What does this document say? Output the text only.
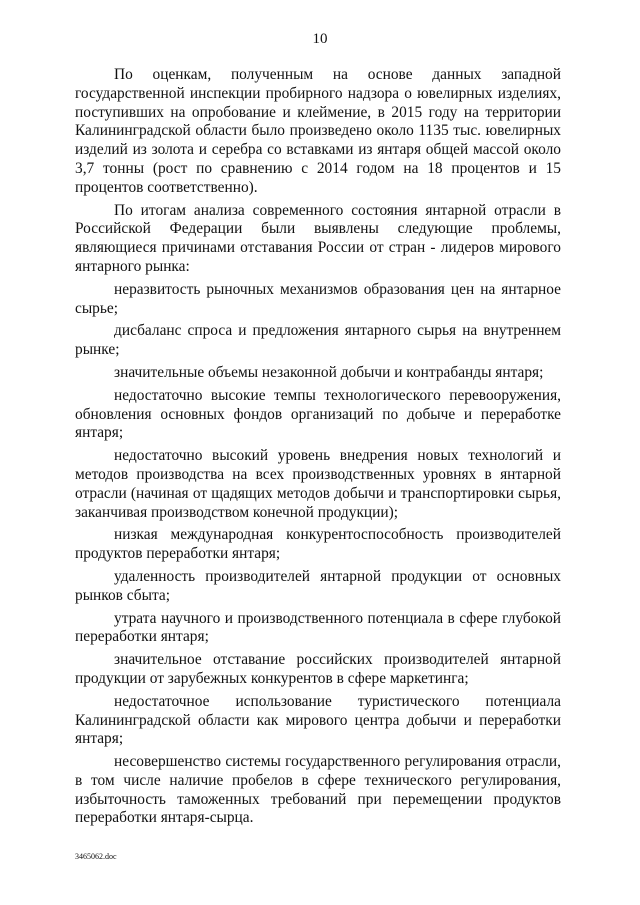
10

По оценкам, полученным на основе данных западной государственной инспекции пробирного надзора о ювелирных изделиях, поступивших на опробование и клеймение, в 2015 году на территории Калининградской области было произведено около 1135 тыс. ювелирных изделий из золота и серебра со вставками из янтаря общей массой около 3,7 тонны (рост по сравнению с 2014 годом на 18 процентов и 15 процентов соответственно).

По итогам анализа современного состояния янтарной отрасли в Российской Федерации были выявлены следующие проблемы, являющиеся причинами отставания России от стран - лидеров мирового янтарного рынка:

неразвитость рыночных механизмов образования цен на янтарное сырье;

дисбаланс спроса и предложения янтарного сырья на внутреннем рынке;

значительные объемы незаконной добычи и контрабанды янтаря;

недостаточно высокие темпы технологического перевооружения, обновления основных фондов организаций по добыче и переработке янтаря;

недостаточно высокий уровень внедрения новых технологий и методов производства на всех производственных уровнях в янтарной отрасли (начиная от щадящих методов добычи и транспортировки сырья, заканчивая производством конечной продукции);

низкая международная конкурентоспособность производителей продуктов переработки янтаря;

удаленность производителей янтарной продукции от основных рынков сбыта;

утрата научного и производственного потенциала в сфере глубокой переработки янтаря;

значительное отставание российских производителей янтарной продукции от зарубежных конкурентов в сфере маркетинга;

недостаточное использование туристического потенциала Калининградской области как мирового центра добычи и переработки янтаря;

несовершенство системы государственного регулирования отрасли, в том числе наличие пробелов в сфере технического регулирования, избыточность таможенных требований при перемещении продуктов переработки янтаря-сырца.

3465062.doc
